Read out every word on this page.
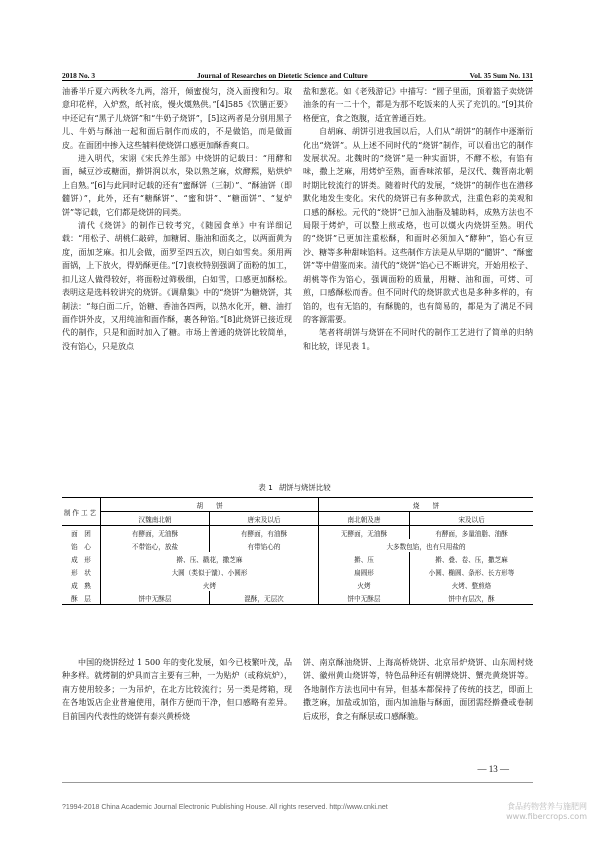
2018 No. 3	Journal of Researches on Dietetic Science and Culture	Vol. 35 Sum No. 131

油番半斤夏六两秋冬九两，溶开，倾蜜搅匀，浇入面搜和匀。取意印花样，入炉熬，纸衬底，慢火熯熟供。”[4]585《饮膳正要》中还记有“黑子儿烧饼”和“牛奶子烧饼”，[5]这两者是分别用黑子儿、牛奶与酥油一起和面后制作而成的，不是做馅，而是做面皮。在面团中掺入这些辅料使烧饼口感更加酥香爽口。

进入明代，宋诩《宋氏养生部》中烧饼的记载曰：“用酵和面，缄豆沙或糖面，擀饼润以水，染以熟芝麻，炊酵熙，贴烘炉上自熟。”[6]与此同时记载的还有“蜜酥饼（三制）”、“酥油饼（即髓饼）”，此外，还有“糖酥饼”、“蜜和饼”、“糖面饼”、“复炉饼”等记载，它们都是烧饼的同类。

清代《烧饼》的制作已较考究，《随园食单》中有详细记载：“用松子、胡桃仁敲碎，加糖屑、脂油和面炙之，以两面黄为度，面加芝麻。扣儿会做，面罗至四五次，则白如雪矣。须用两面锅，上下放火，得奶酥更佳。”[7]袁枚特别强调了面粉的加工，扣儿这人做得较好，将面粉过筛极细，白如雪，口感更加酥松。表明这是选料较讲究的烧饼。《调鼎集》中的“烧饼”为糖烧饼，其制法：“每白面二斤，饴糖、香油各四两，以热水化开，糖、油打面作饼外皮，又用纯油和面作酥，裹各种馅。”[8]此烧饼已接近现代的制作，只是和面时加入了糖。市场上普通的烧饼比较简单，没有馅心，只是放点

盐和葱花。如《老残游记》中描写：“圆子里面，顶着篮子卖烧饼油条的有一二十个，都是为那不吃饭来的人买了充饥的。”[9]其价格便宜，食之饱腹，适宜普通百姓。

自胡麻、胡饼引进我国以后，人们从“胡饼”的制作中逐渐衍化出“烧饼”。从上述不同时代的“烧饼”制作，可以看出它的制作发展状况。北魏时的“烧饼”是一种实面饼，不酵不松，有馅有味，撒上芝麻，用烤炉至熟，面香味浓郁，是汉代、魏晋南北朝时期比较流行的饼类。随着时代的发展，“烧饼”的制作也在潜移默化地发生变化。宋代的烧饼已有多种款式，注重色彩的美观和口感的酥松。元代的“烧饼”已加入油脂及辅助料，成熟方法也不局限于烤炉，可以整上煎或烙，也可以熯火内烧饼至熟。明代的“烧饼”已更加注重松酥，和面时必须加入“酵种”，馅心有豆沙、糖等多种甜味馅料。这些制作方法是从早期的“髓饼”、“酥蜜饼”等中借鉴而来。清代的“烧饼”馅心已不断讲究，开始用松子、胡桃等作为馅心，强调面粉的质量，用糖、油和面，可烤、可煎，口感酥松而香。但不同时代的烧饼款式也是多种多样的，有馅的，也有无馅的，有酥脆的，也有简易的，都是为了满足不同的客源需要。

笔者将胡饼与烧饼在不同时代的制作工艺进行了简单的归纳和比较，详见表 1。

表 1 胡饼与烧饼比较
制作工艺	胡　　饼		烧　　饼	
	汉魏南北朝	唐宋及以后	南北朝及唐	宋及以后
面　团	有酵面，无油酥	有酵面，有油酥	无酵面，无油酥	有酵面，多量油脂、油酥
馅　心	不带馅心，放盐	有带馅心的	大多数包馅，也有只用盐的	
成　形	擀、压、戳花，撒芝麻		擀、压	擀、叠、卷、压，撒芝麻
形　状	大圆（类似于馕）、小圆形		扁圆形	小圆、椭圆、条形、长方形等
成　熟	火烤		火烤	火烤、整煎烙
酥　层	饼中无酥层	混酥，无层次	饼中无酥层	饼中有层次，酥

中国的烧饼经过 1 500 年的变化发展，如今已枝繁叶茂，品种多样。就烤制的炉具而言主要有三种，一为贴炉（或称炕炉），南方使用较多；一为吊炉，在北方比较流行；另一类是烤箱，现在各地饭店企业普遍使用，制作方便而干净，但口感略有差异。目前国内代表性的烧饼有泰兴黄桥烧

饼、南京酥油烧饼、上海高桥烧饼、北京吊炉烧饼、山东周村烧饼、徽州黄山烧饼等，特色品种还有朝牌烧饼、蟹壳黄烧饼等。各地制作方法也同中有异，但基本都保持了传统的技艺，即面上撒芝麻，加盐或加馅，面内加油脂与酥面，面团需经擀叠或卷制后成形，食之有酥层或口感酥脆。

— 13 —
?1994-2018 China Academic Journal Electronic Publishing House. All rights reserved. http://www.cnki.net	食品药物营养与施肥网
www.fibercrops.com
